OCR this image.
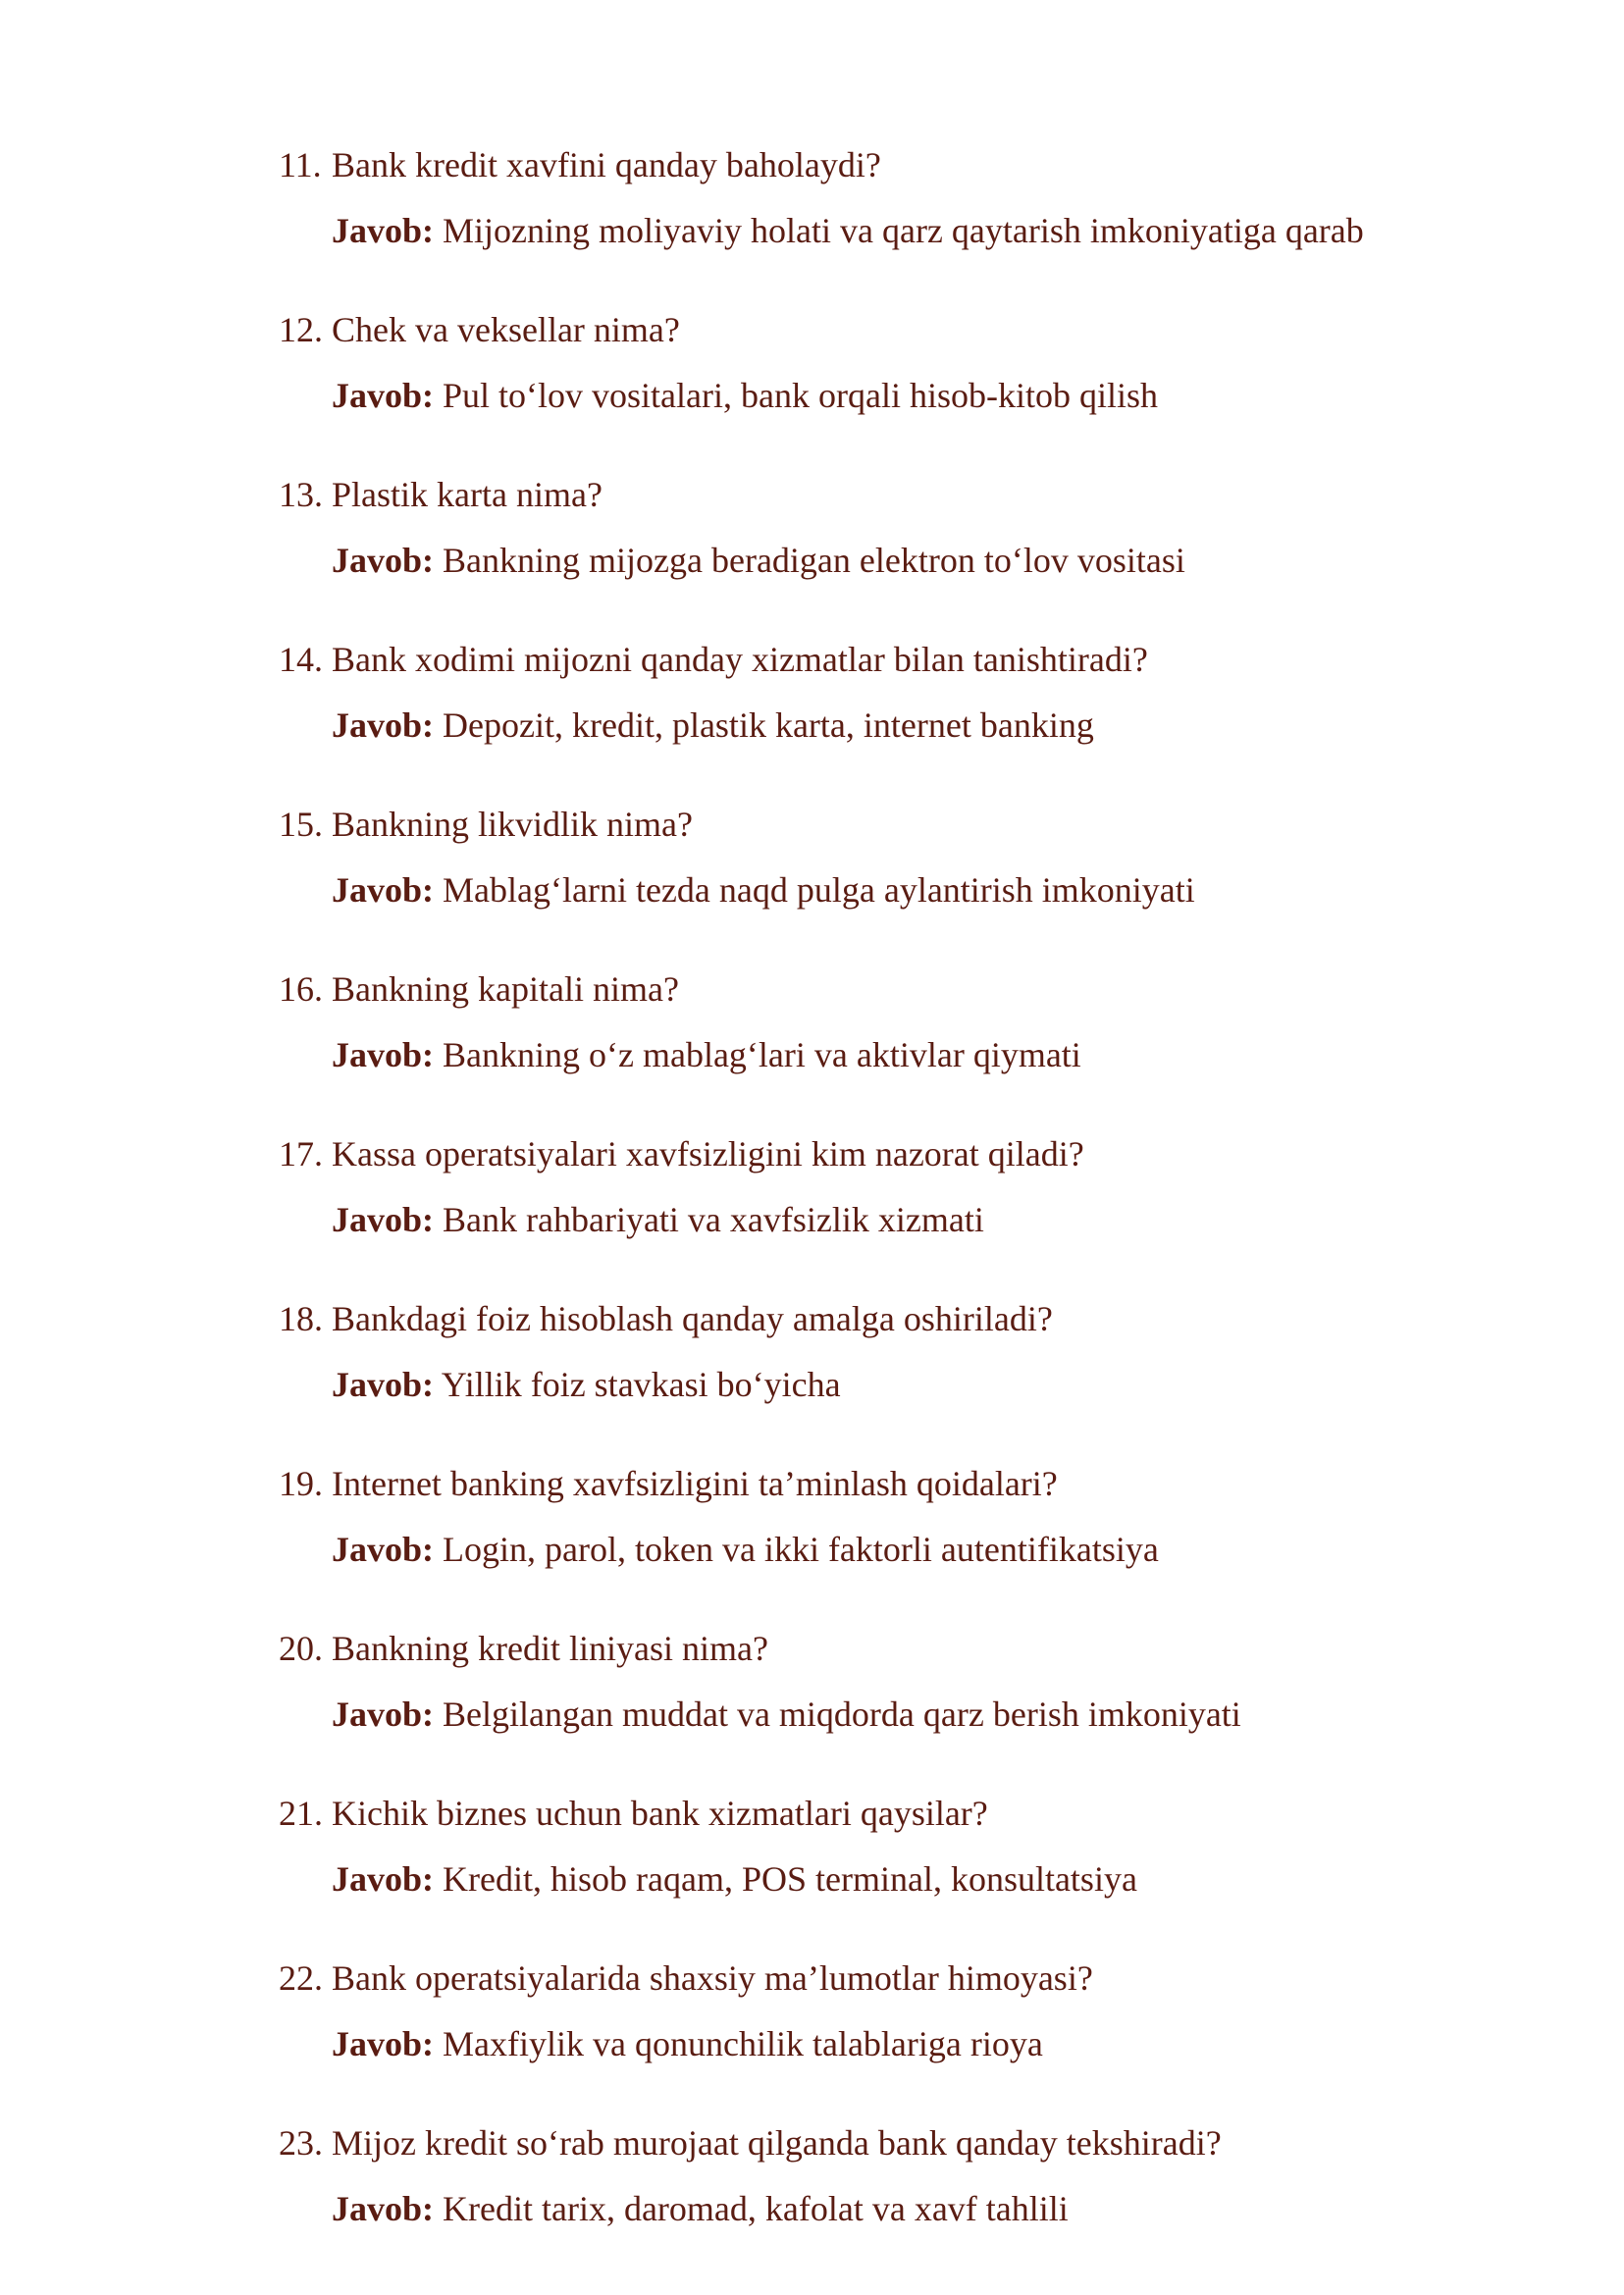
11. Bank kredit xavfini qanday baholaydi?
Javob: Mijozning moliyaviy holati va qarz qaytarish imkoniyatiga qarab
12. Chek va veksellar nima?
Javob: Pul to‘lov vositalari, bank orqali hisob-kitob qilish
13. Plastik karta nima?
Javob: Bankning mijozga beradigan elektron to‘lov vositasi
14. Bank xodimi mijozni qanday xizmatlar bilan tanishtiradi?
Javob: Depozit, kredit, plastik karta, internet banking
15. Bankning likvidlik nima?
Javob: Mablag‘larni tezda naqd pulga aylantirish imkoniyati
16. Bankning kapitali nima?
Javob: Bankning o‘z mablag‘lari va aktivlar qiymati
17. Kassa operatsiyalari xavfsizligini kim nazorat qiladi?
Javob: Bank rahbariyati va xavfsizlik xizmati
18. Bankdagi foiz hisoblash qanday amalga oshiriladi?
Javob: Yillik foiz stavkasi bo‘yicha
19. Internet banking xavfsizligini ta’minlash qoidalari?
Javob: Login, parol, token va ikki faktorli autentifikatsiya
20. Bankning kredit liniyasi nima?
Javob: Belgilangan muddat va miqdorda qarz berish imkoniyati
21. Kichik biznes uchun bank xizmatlari qaysilar?
Javob: Kredit, hisob raqam, POS terminal, konsultatsiya
22. Bank operatsiyalarida shaxsiy ma’lumotlar himoyasi?
Javob: Maxfiylik va qonunchilik talablariga rioya
23. Mijoz kredit so‘rab murojaat qilganda bank qanday tekshiradi?
Javob: Kredit tarix, daromad, kafolat va xavf tahlili
